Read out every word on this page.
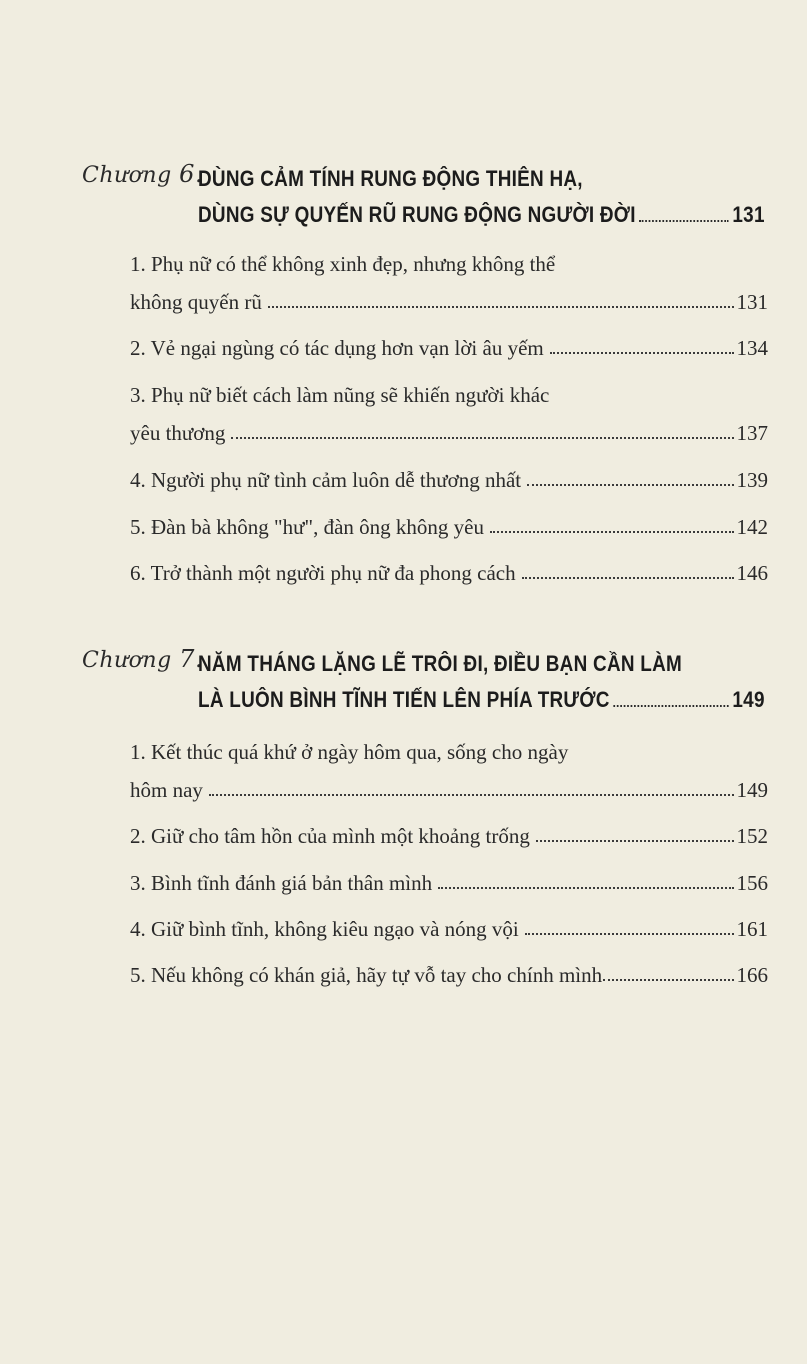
Chương 6.
DÙNG CẢM TÍNH RUNG ĐỘNG THIÊN HẠ,
DÙNG SỰ QUYẾN RŨ RUNG ĐỘNG NGƯỜI ĐỜI	131
1. Phụ nữ có thể không xinh đẹp, nhưng không thể
không quyến rũ	131
2. Vẻ ngại ngùng có tác dụng hơn vạn lời âu yếm	134
3. Phụ nữ biết cách làm nũng sẽ khiến người khác
yêu thương	137
4. Người phụ nữ tình cảm luôn dễ thương nhất	139
5. Đàn bà không "hư", đàn ông không yêu	142
6. Trở thành một người phụ nữ đa phong cách	146
Chương 7.
NĂM THÁNG LẶNG LẼ TRÔI ĐI, ĐIỀU BẠN CẦN LÀM
LÀ LUÔN BÌNH TĨNH TIẾN LÊN PHÍA TRƯỚC	149
1. Kết thúc quá khứ ở ngày hôm qua, sống cho ngày
hôm nay	149
2. Giữ cho tâm hồn của mình một khoảng trống	152
3. Bình tĩnh đánh giá bản thân mình	156
4. Giữ bình tĩnh, không kiêu ngạo và nóng vội	161
5. Nếu không có khán giả, hãy tự vỗ tay cho chính mình	166
